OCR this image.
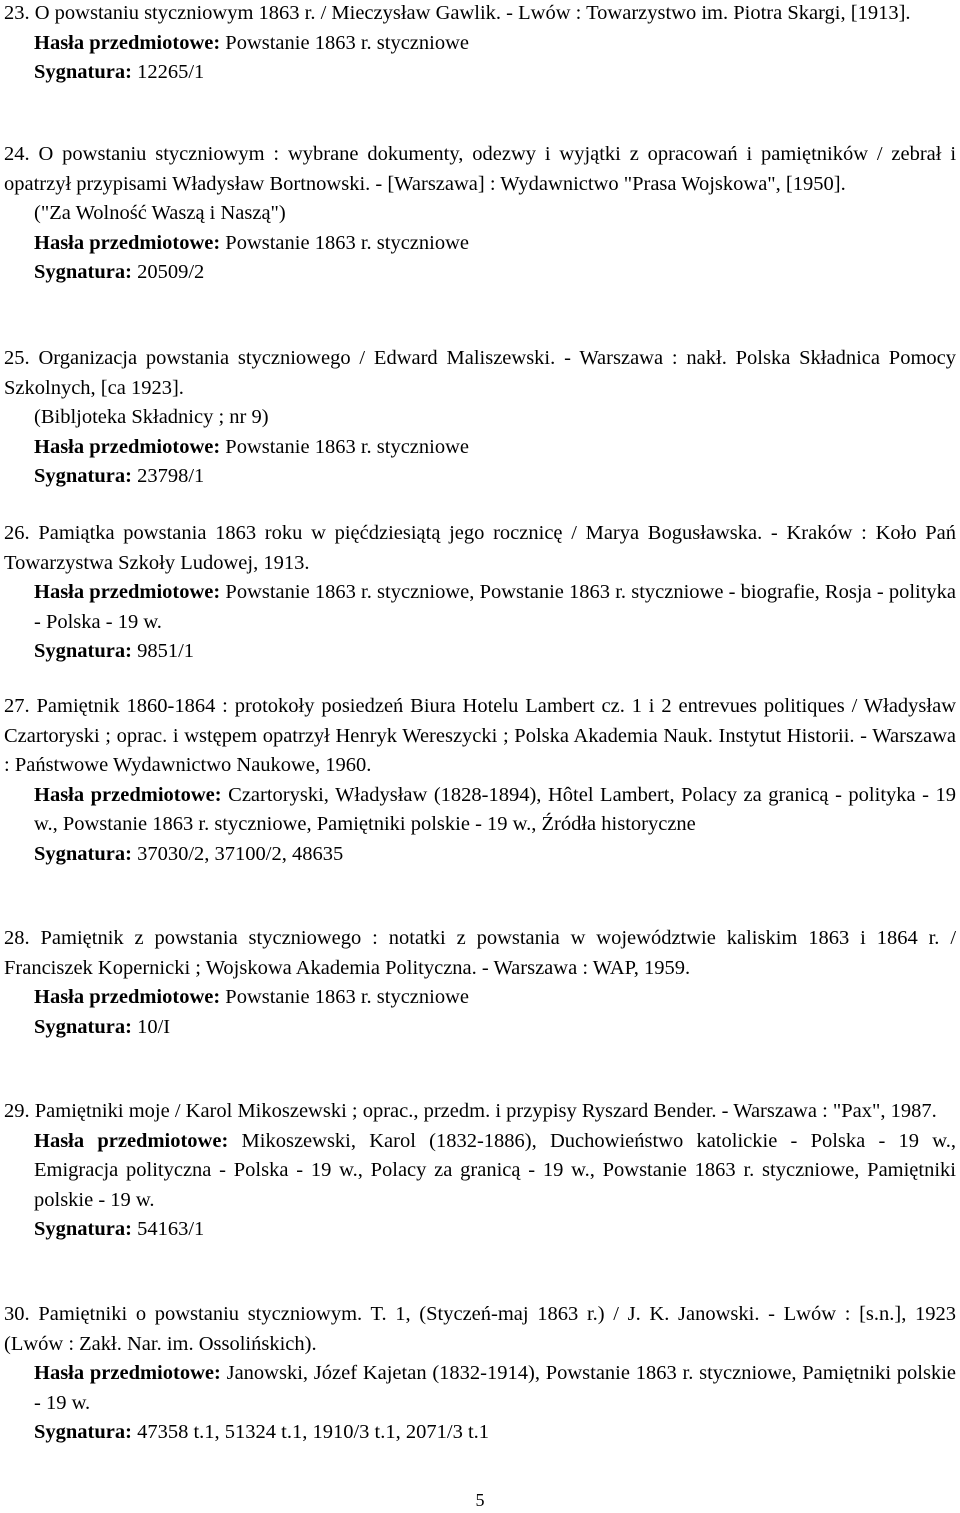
23. O powstaniu styczniowym 1863 r. / Mieczysław Gawlik. - Lwów : Towarzystwo im. Piotra Skargi, [1913].
Hasła przedmiotowe: Powstanie 1863 r. styczniowe
Sygnatura: 12265/1
24. O powstaniu styczniowym : wybrane dokumenty, odezwy i wyjątki z opracowań i pamiętników / zebrał i opatrzył przypisami Władysław Bortnowski. - [Warszawa] : Wydawnictwo "Prasa Wojskowa", [1950].
("Za Wolność Waszą i Naszą")
Hasła przedmiotowe: Powstanie 1863 r. styczniowe
Sygnatura: 20509/2
25. Organizacja powstania styczniowego / Edward Maliszewski. - Warszawa : nakł. Polska Składnica Pomocy Szkolnych, [ca 1923].
(Bibljoteka Składnicy ; nr 9)
Hasła przedmiotowe: Powstanie 1863 r. styczniowe
Sygnatura: 23798/1
26. Pamiątka powstania 1863 roku w pięćdziesiątą jego rocznicę / Marya Bogusławska. - Kraków : Koło Pań Towarzystwa Szkoły Ludowej, 1913.
Hasła przedmiotowe: Powstanie 1863 r. styczniowe, Powstanie 1863 r. styczniowe - biografie, Rosja - polityka - Polska - 19 w.
Sygnatura: 9851/1
27. Pamiętnik 1860-1864 : protokoły posiedzeń Biura Hotelu Lambert cz. 1 i 2 entrevues politiques / Władysław Czartoryski ; oprac. i wstępem opatrzył Henryk Wereszycki ; Polska Akademia Nauk. Instytut Historii. - Warszawa : Państwowe Wydawnictwo Naukowe, 1960.
Hasła przedmiotowe: Czartoryski, Władysław (1828-1894), Hôtel Lambert, Polacy za granicą - polityka - 19 w., Powstanie 1863 r. styczniowe, Pamiętniki polskie - 19 w., Źródła historyczne
Sygnatura: 37030/2, 37100/2, 48635
28. Pamiętnik z powstania styczniowego : notatki z powstania w województwie kaliskim 1863 i 1864 r. / Franciszek Kopernicki ; Wojskowa Akademia Polityczna. - Warszawa : WAP, 1959.
Hasła przedmiotowe: Powstanie 1863 r. styczniowe
Sygnatura: 10/I
29. Pamiętniki moje / Karol Mikoszewski ; oprac., przedm. i przypisy Ryszard Bender. - Warszawa : "Pax", 1987.
Hasła przedmiotowe: Mikoszewski, Karol (1832-1886), Duchowieństwo katolickie - Polska - 19 w., Emigracja polityczna - Polska - 19 w., Polacy za granicą - 19 w., Powstanie 1863 r. styczniowe, Pamiętniki polskie - 19 w.
Sygnatura: 54163/1
30. Pamiętniki o powstaniu styczniowym. T. 1, (Styczeń-maj 1863 r.) / J. K. Janowski. - Lwów : [s.n.], 1923 (Lwów : Zakł. Nar. im. Ossolińskich).
Hasła przedmiotowe: Janowski, Józef Kajetan (1832-1914), Powstanie 1863 r. styczniowe, Pamiętniki polskie - 19 w.
Sygnatura: 47358 t.1, 51324 t.1, 1910/3 t.1, 2071/3 t.1
5
